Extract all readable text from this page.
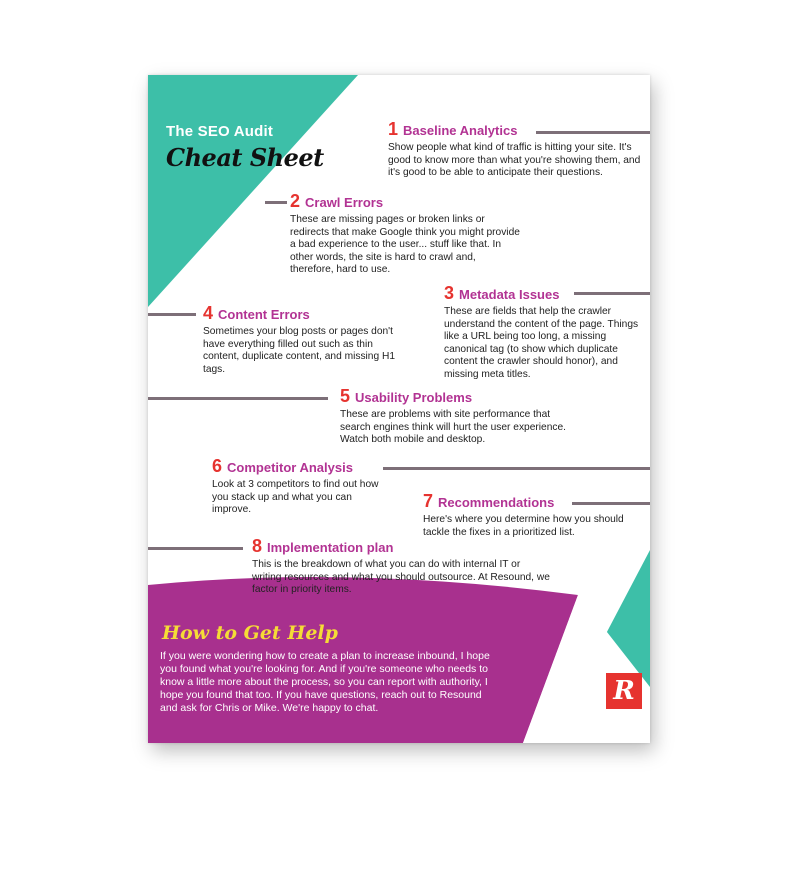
The SEO Audit
Cheat Sheet
1 Baseline Analytics
Show people what kind of traffic is hitting your site. It's good to know more than what you're showing them, and it's good to be able to anticipate their questions.
2 Crawl Errors
These are missing pages or broken links or redirects that make Google think you might provide a bad experience to the user... stuff like that. In other words, the site is hard to crawl and, therefore, hard to use.
3 Metadata Issues
These are fields that help the crawler understand the content of the page. Things like a URL being too long, a missing canonical tag (to show which duplicate content the crawler should honor), and missing meta titles.
4 Content Errors
Sometimes your blog posts or pages don't have everything filled out such as thin content, duplicate content, and missing H1 tags.
5 Usability Problems
These are problems with site performance that search engines think will hurt the user experience. Watch both mobile and desktop.
6 Competitor Analysis
Look at 3 competitors to find out how you stack up and what you can improve.	7 Recommendations
Here's where you determine how you should tackle the fixes in a prioritized list.
8 Implementation plan
This is the breakdown of what you can do with internal IT or writing resources and what you should outsource. At Resound, we factor in priority items.
How to Get Help
If you were wondering how to create a plan to increase inbound, I hope you found what you're looking for. And if you're someone who needs to know a little more about the process, so you can report with authority, I hope you found that too. If you have questions, reach out to Resound and ask for Chris or Mike. We're happy to chat.
R
